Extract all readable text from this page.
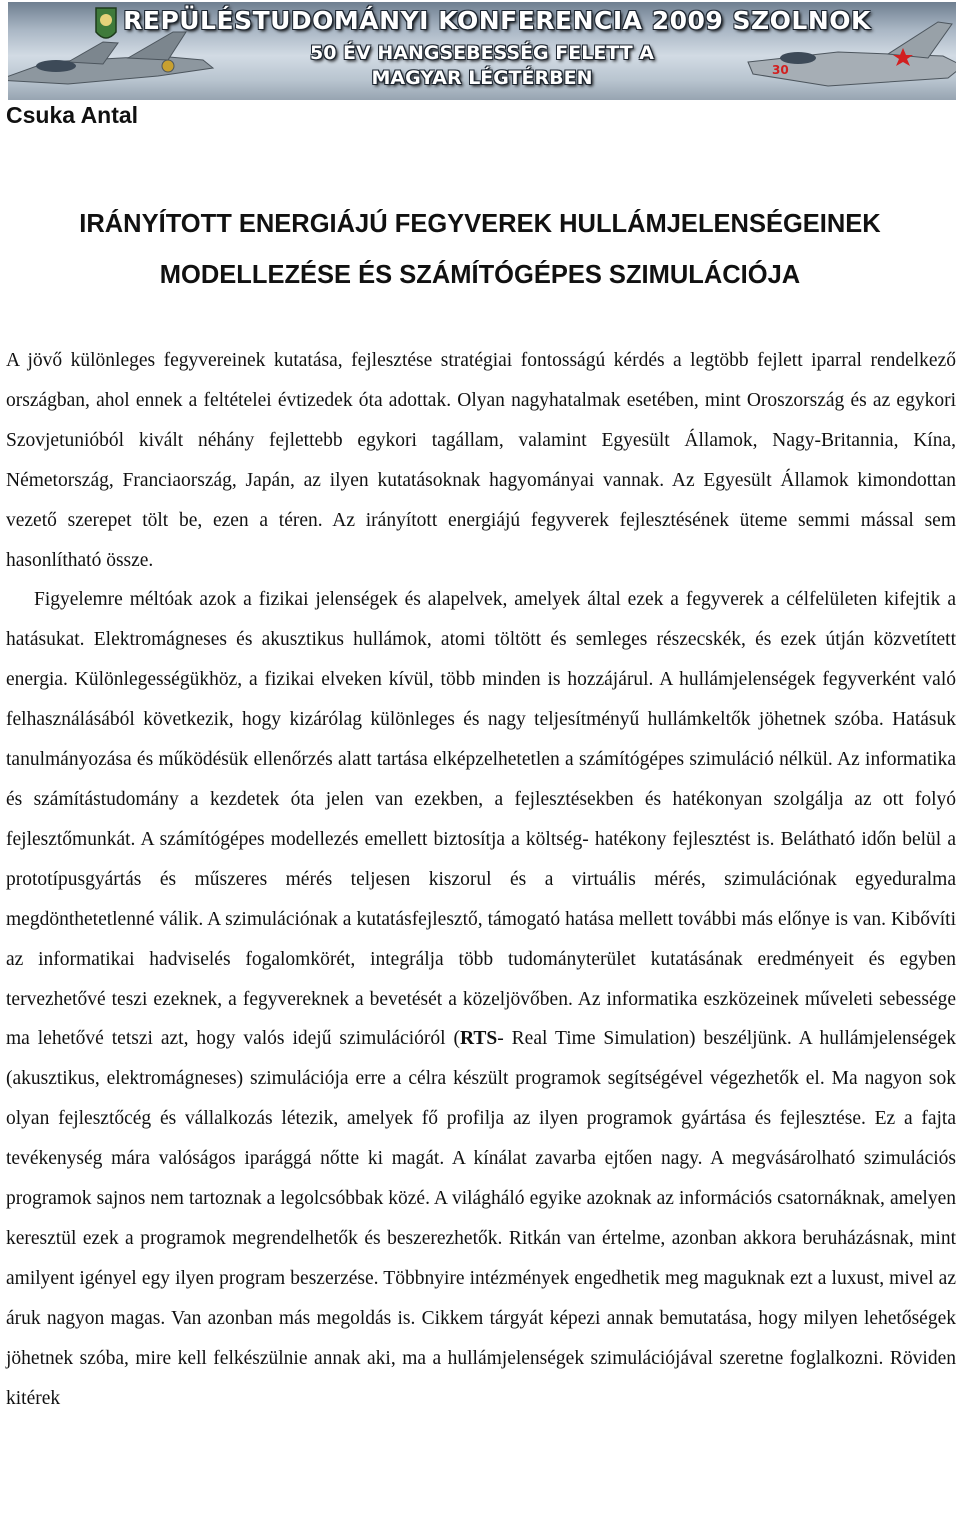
30
REPÜLÉSTUDOMÁNYI KONFERENCIA 2009 SZOLNOK
50 ÉV HANGSEBESSÉG FELETT A
MAGYAR LÉGTÉRBEN
Csuka Antal
IRÁNYÍTOTT ENERGIÁJÚ FEGYVEREK HULLÁMJELENSÉGEINEK
MODELLEZÉSE ÉS SZÁMÍTÓGÉPES SZIMULÁCIÓJA

A jövő különleges fegyvereinek kutatása, fejlesztése stratégiai fontosságú kérdés a legtöbb fejlett iparral rendelkező országban, ahol ennek a feltételei évtizedek óta adottak. Olyan nagyhatalmak esetében, mint Oroszország és az egykori Szovjetunióból kivált néhány fejlettebb egykori tagállam, valamint Egyesült Államok, Nagy-Britannia, Kína, Németország, Franciaország, Japán, az ilyen kutatásoknak hagyományai vannak. Az Egyesült Államok kimondottan vezető szerepet tölt be, ezen a téren. Az irányított energiájú fegyverek fejlesztésének üteme semmi mással sem hasonlítható össze.

Figyelemre méltóak azok a fizikai jelenségek és alapelvek, amelyek által ezek a fegyverek a célfelületen kifejtik a hatásukat. Elektromágneses és akusztikus hullámok, atomi töltött és semleges részecskék, és ezek útján közvetített energia. Különlegességükhöz, a fizikai elveken kívül, több minden is hozzájárul. A hullámjelenségek fegyverként való felhasználásából következik, hogy kizárólag különleges és nagy teljesítményű hullámkeltők jöhetnek szóba. Hatásuk tanulmányozása és működésük ellenőrzés alatt tartása elképzelhetetlen a számítógépes szimuláció nélkül. Az informatika és számítástudomány a kezdetek óta jelen van ezekben, a fejlesztésekben és hatékonyan szolgálja az ott folyó fejlesztőmunkát. A számítógépes modellezés emellett biztosítja a költség- hatékony fejlesztést is. Belátható időn belül a prototípusgyártás és műszeres mérés teljesen kiszorul és a virtuális mérés, szimulációnak egyeduralma megdönthetetlenné válik. A szimulációnak a kutatásfejlesztő, támogató hatása mellett további más előnye is van. Kibővíti az informatikai hadviselés fogalomkörét, integrálja több tudományterület kutatásának eredményeit és egyben tervezhetővé teszi ezeknek, a fegyvereknek a bevetését a közeljövőben. Az informatika eszközeinek műveleti sebessége ma lehetővé tetszi azt, hogy valós idejű szimulációról (RTS- Real Time Simulation) beszéljünk. A hullámjelenségek (akusztikus, elektromágneses) szimulációja erre a célra készült programok segítségével végezhetők el. Ma nagyon sok olyan fejlesztőcég és vállalkozás létezik, amelyek fő profilja az ilyen programok gyártása és fejlesztése. Ez a fajta tevékenység mára valóságos iparággá nőtte ki magát. A kínálat zavarba ejtően nagy. A megvásárolható szimulációs programok sajnos nem tartoznak a legolcsóbbak közé. A világháló egyike azoknak az információs csatornáknak, amelyen keresztül ezek a programok megrendelhetők és beszerezhetők. Ritkán van értelme, azonban akkora beruházásnak, mint amilyent igényel egy ilyen program beszerzése. Többnyire intézmények engedhetik meg maguknak ezt a luxust, mivel az áruk nagyon magas. Van azonban más megoldás is. Cikkem tárgyát képezi annak bemutatása, hogy milyen lehetőségek jöhetnek szóba, mire kell felkészülnie annak aki, ma a hullámjelenségek szimulációjával szeretne foglalkozni. Röviden kitérek
